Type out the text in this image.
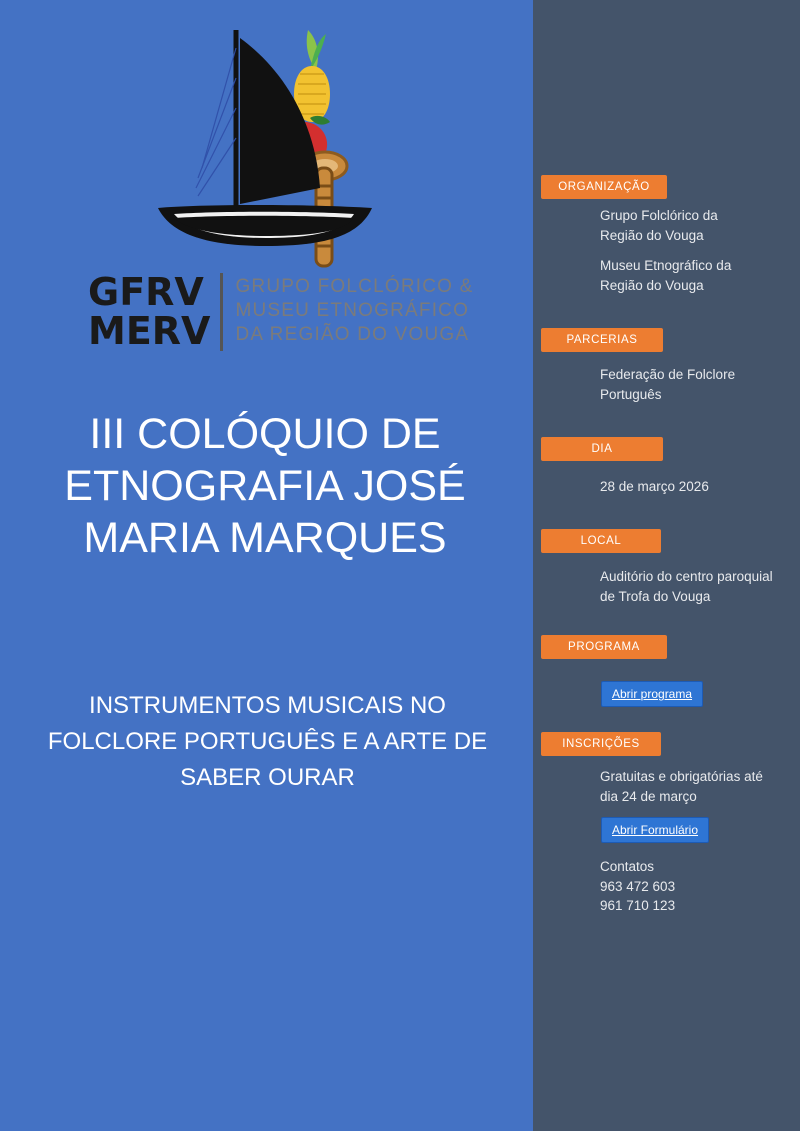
GFRV
MERV
GRUPO FOLCLÓRICO &
MUSEU ETNOGRÁFICO
DA REGIÃO DO VOUGA
III COLÓQUIO DE ETNOGRAFIA JOSÉ MARIA MARQUES
INSTRUMENTOS MUSICAIS NO FOLCLORE PORTUGUÊS E A ARTE DE SABER OURAR
ORGANIZAÇÃO
Grupo Folclórico da Região do Vouga
Museu Etnográfico da Região do Vouga
PARCERIAS
Federação de Folclore Português
DIA
28 de março 2026
LOCAL
Auditório do centro paroquial de Trofa do Vouga
PROGRAMA
Abrir programa
INSCRIÇÕES
Gratuitas e obrigatórias até dia 24 de março
Abrir Formulário
Contatos
963 472 603
961 710 123
